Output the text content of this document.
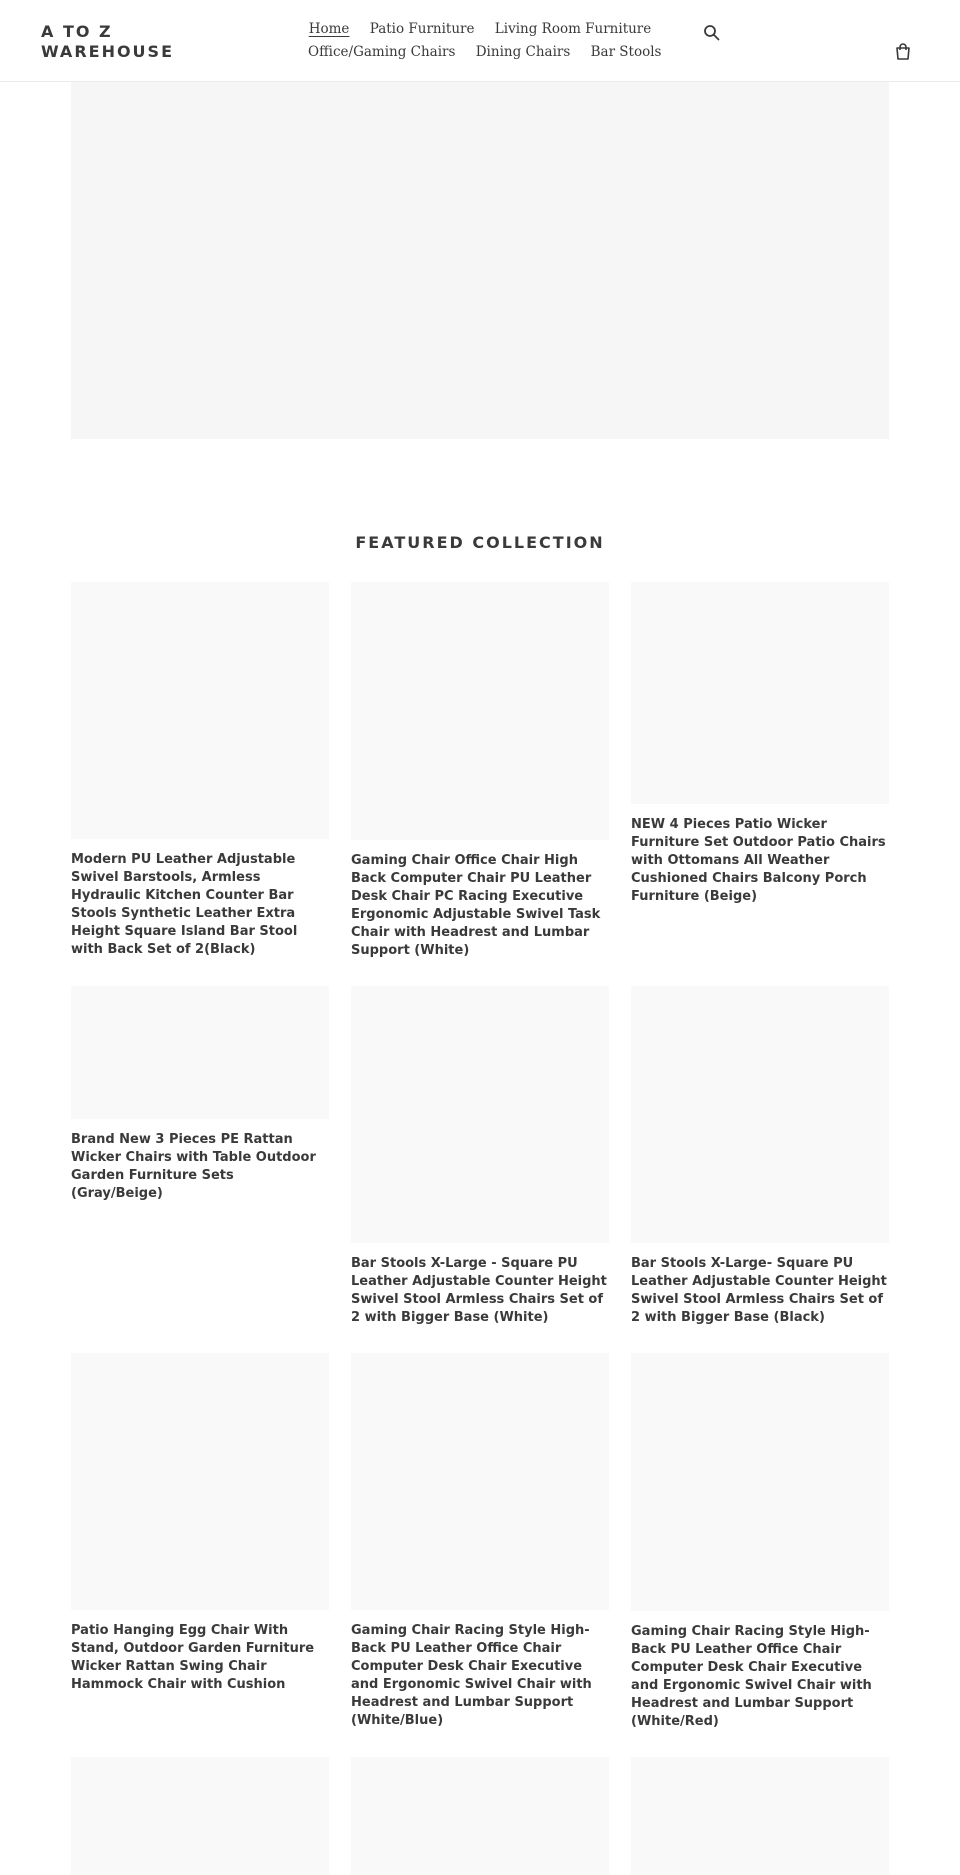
A TO Z WAREHOUSE
Home Patio Furniture Living Room Furniture
Office/Gaming Chairs Dining Chairs Bar Stools
FEATURED COLLECTION
Modern PU Leather Adjustable Swivel Barstools, Armless Hydraulic Kitchen Counter Bar Stools Synthetic Leather Extra Height Square Island Bar Stool with Back Set of 2(Black)
Gaming Chair Office Chair High Back Computer Chair PU Leather Desk Chair PC Racing Executive Ergonomic Adjustable Swivel Task Chair with Headrest and Lumbar Support (White)
NEW 4 Pieces Patio Wicker Furniture Set Outdoor Patio Chairs with Ottomans All Weather Cushioned Chairs Balcony Porch Furniture (Beige)
Brand New 3 Pieces PE Rattan Wicker Chairs with Table Outdoor Garden Furniture Sets (Gray/Beige)
Bar Stools X-Large - Square PU Leather Adjustable Counter Height Swivel Stool Armless Chairs Set of 2 with Bigger Base (White)
Bar Stools X-Large- Square PU Leather Adjustable Counter Height Swivel Stool Armless Chairs Set of 2 with Bigger Base (Black)
Patio Hanging Egg Chair With Stand, Outdoor Garden Furniture Wicker Rattan Swing Chair Hammock Chair with Cushion
Gaming Chair Racing Style High-Back PU Leather Office Chair Computer Desk Chair Executive and Ergonomic Swivel Chair with Headrest and Lumbar Support (White/Blue)
Gaming Chair Racing Style High-Back PU Leather Office Chair Computer Desk Chair Executive and Ergonomic Swivel Chair with Headrest and Lumbar Support (White/Red)
